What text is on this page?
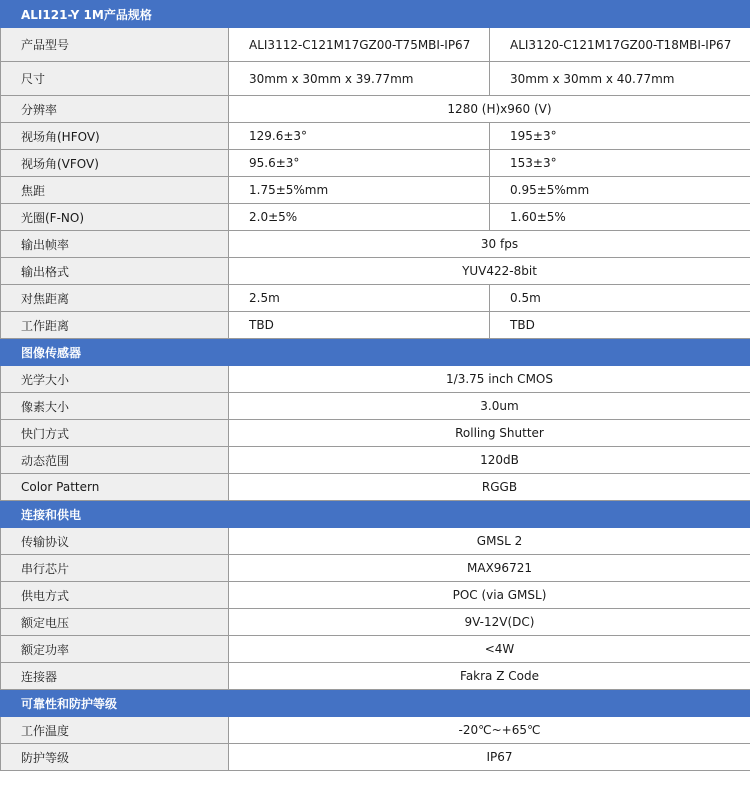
ALI121-Y 1M产品规格		
产品型号	ALI3112-C121M17GZ00-T75MBI-IP67	ALI3120-C121M17GZ00-T18MBI-IP67
尺寸	30mm x 30mm x 39.77mm	30mm x 30mm x 40.77mm
分辨率	1280 (H)x960 (V)	
视场角(HFOV)	129.6±3°	195±3°
视场角(VFOV)	95.6±3°	153±3°
焦距	1.75±5%mm	0.95±5%mm
光圈(F-NO)	2.0±5%	1.60±5%
输出帧率	30 fps	
输出格式	YUV422-8bit	
对焦距离	2.5m	0.5m
工作距离	TBD	TBD
图像传感器		
光学大小	1/3.75 inch CMOS	
像素大小	3.0um	
快门方式	Rolling Shutter	
动态范围	120dB	
Color Pattern	RGGB	
连接和供电		
传输协议	GMSL 2	
串行芯片	MAX96721	
供电方式	POC (via GMSL)	
额定电压	9V-12V(DC)	
额定功率	<4W	
连接器	Fakra Z Code	
可靠性和防护等级		
工作温度	-20℃~+65℃	
防护等级	IP67	
